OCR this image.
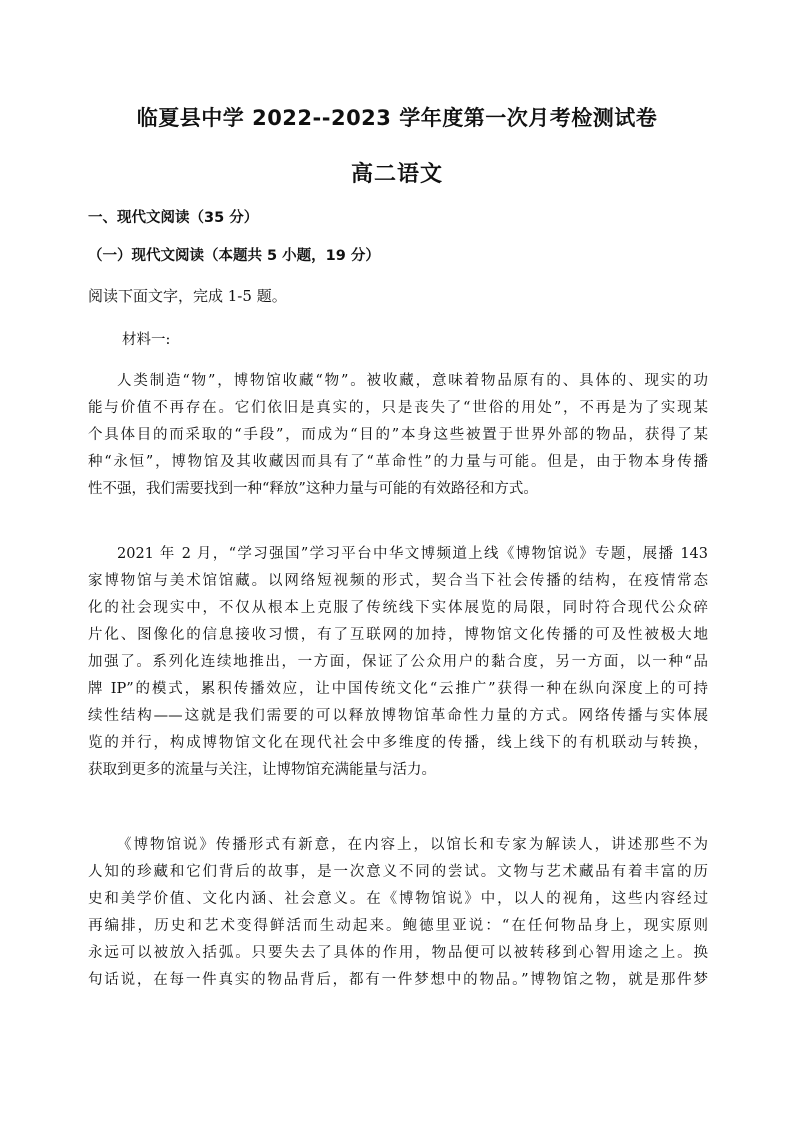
临夏县中学 2022--2023 学年度第一次月考检测试卷
高二语文
一、现代文阅读（35 分）
（一）现代文阅读（本题共 5 小题，19 分）
阅读下面文字，完成 1-5 题。
材料一:
人类制造“物”，博物馆收藏“物”。被收藏，意味着物品原有的、具体的、现实的功
能与价值不再存在。它们依旧是真实的，只是丧失了“世俗的用处”，不再是为了实现某
个具体目的而采取的“手段”，而成为“目的”本身这些被置于世界外部的物品，获得了某
种“永恒”，博物馆及其收藏因而具有了“革命性”的力量与可能。但是，由于物本身传播
性不强，我们需要找到一种“释放”这种力量与可能的有效路径和方式。
2021 年 2 月，“学习强国”学习平台中华文博频道上线《博物馆说》专题，展播 143
家博物馆与美术馆馆藏。以网络短视频的形式，契合当下社会传播的结构，在疫情常态
化的社会现实中，不仅从根本上克服了传统线下实体展览的局限，同时符合现代公众碎
片化、图像化的信息接收习惯，有了互联网的加持，博物馆文化传播的可及性被极大地
加强了。系列化连续地推出，一方面，保证了公众用户的黏合度，另一方面，以一种“品
牌 IP”的模式，累积传播效应，让中国传统文化“云推广”获得一种在纵向深度上的可持
续性结构——这就是我们需要的可以释放博物馆革命性力量的方式。网络传播与实体展
览的并行，构成博物馆文化在现代社会中多维度的传播，线上线下的有机联动与转换，
获取到更多的流量与关注，让博物馆充满能量与活力。
《博物馆说》传播形式有新意，在内容上，以馆长和专家为解读人，讲述那些不为
人知的珍藏和它们背后的故事，是一次意义不同的尝试。文物与艺术藏品有着丰富的历
史和美学价值、文化内涵、社会意义。在《博物馆说》中，以人的视角，这些内容经过
再编排，历史和艺术变得鲜活而生动起来。鲍德里亚说：“在任何物品身上，现实原则
永远可以被放入括弧。只要失去了具体的作用，物品便可以被转移到心智用途之上。换
句话说，在每一件真实的物品背后，都有一件梦想中的物品。”博物馆之物，就是那件梦
